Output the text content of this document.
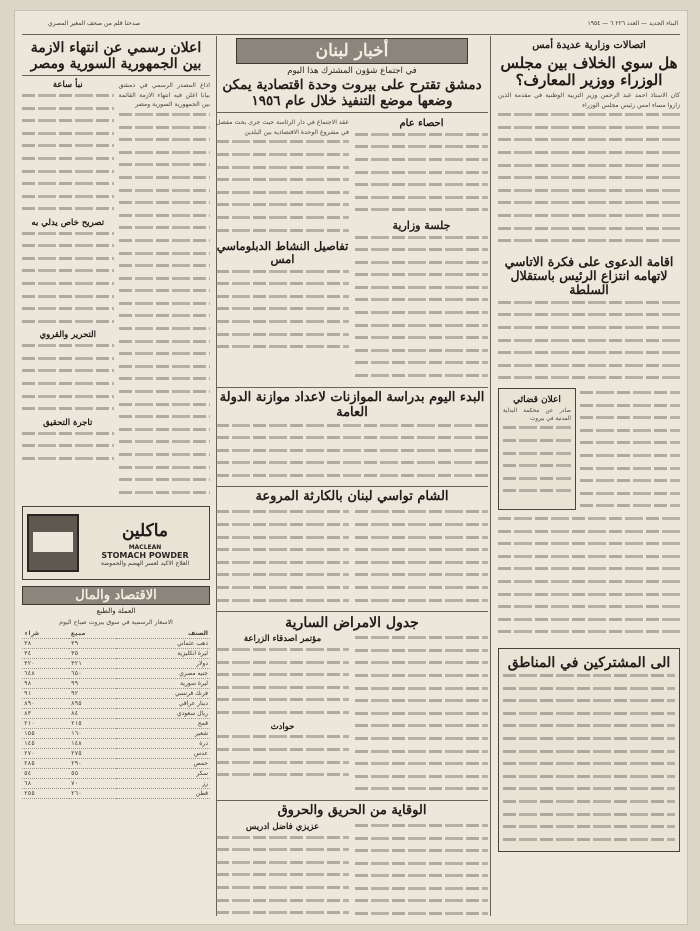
البناء الجديد — العدد ٢٢٦ ٦ — ١٩٥٤
صدحنا قلم من صحف المغير المصري
اتصالات وزارية عديدة أمس
هل سوي الخلاف بين مجلس الوزراء ووزير المعارف؟

كان الاستاذ احمد عبد الرحمن وزير التربية الوطنية في مقدمة الذين زاروا مساء امس رئيس مجلس الوزراء

اقامة الدعوى على فكرة الاتاسي لاتهامه انتزاع الرئيس باستقلال السلطة
اعلان قضائي

صادر عن محكمة البداية المدنية في بيروت

الى المشتركين في المناطق
أخبار لبنان
في اجتماع شؤون المشترك هذا اليوم
دمشق تقترح على بيروت وحدة اقتصادية يمكن وضعها موضع التنفيذ خلال عام ١٩٥٦
احصاء عام
جلسة وزارية

عقد الاجتماع في دار الرئاسة حيث جرى بحث مفصل في مشروع الوحدة الاقتصادية بين البلدين

تفاصيل النشاط الدبلوماسي امس
البدء اليوم بدراسة الموازنات لاعداد موازنة الدولة العامة
الشام تواسي لبنان بالكارثة المروعة
جدول الامراض السارية
مؤتمر اصدقاء الزراعة
حوادث
الوقاية من الحريق والحروق
عزيزي فاضل ادريس
اعلان رسمي عن انتهاء الازمة بين الجمهورية السورية ومصر

اذاع المصدر الرسمي في دمشق بيانا اعلن فيه انتهاء الازمة القائمة بين الجمهورية السورية ومصر

نبأ ساعة
تصريح خاص يدلي به
التحرير والقروي
تاجرة التحقيق
ماكلين
MACLEAN
STOMACH POWDER
العلاج الاكيد لعسر الهضم والحموضة
الاقتصاد والمال
العملة والطبع

الاسعار الرسمية في سوق بيروت صباح اليوم

الصنف	مبيع	شراء
ذهب عثماني	٣٩	٣٨
ليرة انكليزية	٣٥	٣٤
دولار	٣٢١	٣٢٠
جنيه مصري	٦٥٠	٦٤٨
ليرة سورية	٩٩	٩٨
فرنك فرنسي	٩٢	٩١
دينار عراقي	٨٩٥	٨٩٠
ريال سعودي	٨٤	٨٣
قمح	٢١٥	٢١٠
شعير	١٦٠	١٥٥
ذرة	١٤٨	١٤٥
عدس	٢٧٥	٢٧٠
حمص	٢٩٠	٢٨٥
سكر	٥٥	٥٤
رز	٧٠	٦٨
قطن	٢٦٠	٢٥٥
